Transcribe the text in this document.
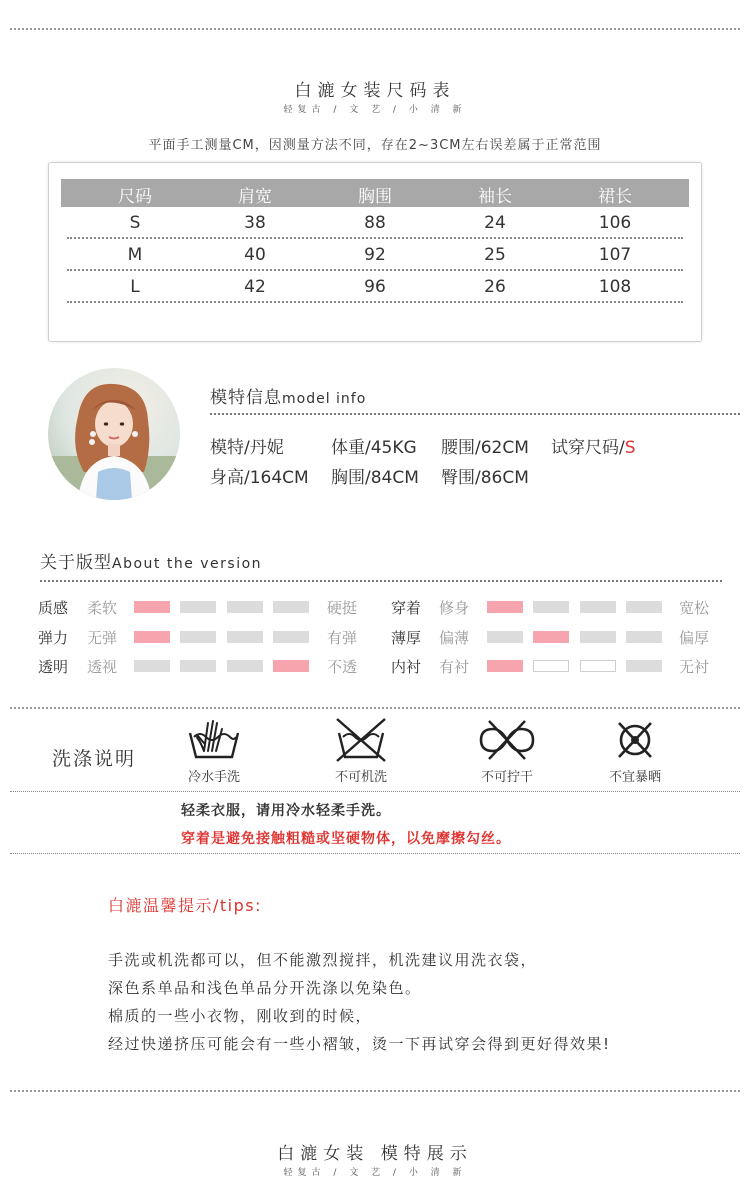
白漉女装尺码表
轻复古 / 文 艺 / 小 清 新
平面手工测量CM，因测量方法不同，存在2~3CM左右误差属于正常范围
尺码	肩宽	胸围	袖长	裙长
S	38	88	24	106
M	40	92	25	107
L	42	96	26	108
模特信息model info
模特/丹妮	体重/45KG 腰围/62CM 试穿尺码/S
身高/164CM 胸围/84CM 臀围/86CM
关于版型About the version
质感 柔软	硬挺
弹力 无弹	有弹
透明 透视	不透
穿着 修身	宽松
薄厚 偏薄	偏厚
内衬 有衬	无衬
洗涤说明
冷水手洗	不可机洗	不可拧干	不宜暴晒
轻柔衣服，请用冷水轻柔手洗。
穿着是避免接触粗糙或坚硬物体，以免摩擦勾丝。
白漉温馨提示/tips:
手洗或机洗都可以，但不能激烈搅拌，机洗建议用洗衣袋，
深色系单品和浅色单品分开洗涤以免染色。
棉质的一些小衣物，刚收到的时候，
经过快递挤压可能会有一些小褶皱，烫一下再试穿会得到更好得效果!
白漉女装 模特展示
轻复古 / 文 艺 / 小 清 新
